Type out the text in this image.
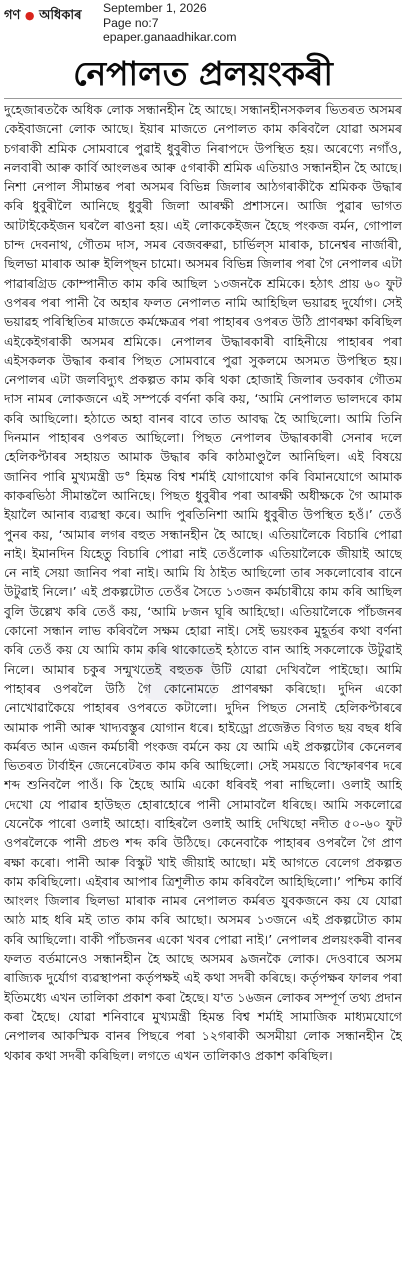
গণ ● অধিকাৰ September 1, 2026
Page no:7
epaper.ganaadhikar.com
নেপালত প্ৰলয়ংকৰী

দুহেজাৰতকৈ অধিক লোক সন্ধানহীন হৈ আছে। সন্ধানহীনসকলৰ ভিতৰত অসমৰ কেইবাজনো লোক আছে। ইয়াৰ মাজতে নেপালত কাম কৰিবলৈ যোৱা অসমৰ চগৰাকী শ্ৰমিক সোমবাৰে পুৱাই ধুবুৰীত নিৰাপদে উপস্থিত হয়। অৰেণ্যে নগাঁও, নলবাৰী আৰু কাৰ্বি আংলঙৰ আৰু ৫গৰাকী শ্ৰমিক এতিয়াও সন্ধানহীন হৈ আছে। নিশা নেপাল সীমান্তৰ পৰা অসমৰ বিভিন্ন জিলাৰ আঠগৰাকীকৈ শ্ৰমিকক উদ্ধাৰ কৰি ধুবুৰীলৈ আনিছে ধুবুৰী জিলা আৰক্ষী প্ৰশাসনে। আজি পুৱাৰ ভাগত আটাইকেইজন ঘৰলৈ ৰাওনা হয়। এই লোককেইজন হৈছে পংকজ বৰ্মন, গোপাল চান্দ দেবনাথ, গৌতম দাস, সমৰ বেজবৰুৱা, চাৰ্ভিল্স মাৰাক, চানেশ্বৰ নাৰ্জাৰী, ছিলভা মাৰাক আৰু ইলিপ্ছন চামো। অসমৰ বিভিন্ন জিলাৰ পৰা গৈ নেপালৰ এটা পাৱাৰগ্ৰিড কোম্পানীত কাম কৰি আছিল ১৩জনকৈ শ্ৰমিকে। হঠাৎ প্ৰায় ৬০ ফুট ওপৰৰ পৰা পানী বৈ অহাৰ ফলত নেপালত নামি আহিছিল ভয়াৱহ দুৰ্যোগ। সেই ভয়াৱহ পৰিস্থিতিৰ মাজতে কৰ্মক্ষেত্ৰৰ পৰা পাহাৰৰ ওপৰত উঠি প্ৰাণৰক্ষা কৰিছিল এইকেইগৰাকী অসমৰ শ্ৰমিকে। নেপালৰ উদ্ধাৰকাৰী বাহিনীয়ে পাহাৰৰ পৰা এইসকলক উদ্ধাৰ কৰাৰ পিছত সোমবাৰে পুৱা সুকলমে অসমত উপস্থিত হয়। নেপালৰ এটা জলবিদ্যুৎ প্ৰকল্পত কাম কৰি থকা হোজাই জিলাৰ ডবকাৰ গৌতম দাস নামৰ লোকজনে এই সম্পৰ্কে বৰ্ণনা কৰি কয়, ‘আমি নেপালত ভালদৰে কাম কৰি আছিলো। হঠাতে অহা বানৰ বাবে তাত আবদ্ধ হৈ আছিলো। আমি তিনি দিনমান পাহাৰৰ ওপৰত আছিলো। পিছত নেপালৰ উদ্ধাৰকাৰী সেনাৰ দলে হেলিকপ্টাৰৰ সহায়ত আমাক উদ্ধাৰ কৰি কাঠমাণ্ডুলৈ আনিছিল। এই বিষয়ে জানিব পাৰি মুখ্যমন্ত্ৰী ড° হিমন্ত বিশ্ব শৰ্মাই যোগাযোগ কৰি বিমানযোগে আমাক কাকৰভিঠা সীমান্তলৈ আনিছে। পিছত ধুবুৰীৰ পৰা আৰক্ষী অধীক্ষকে গৈ আমাক ইয়ালৈ আনাৰ ব্যৱস্থা কৰে। আদি পুৰতিনিশা আমি ধুবুৰীত উপস্থিত হওঁ।’ তেওঁ পুনৰ কয়, ‘আমাৰ লগৰ বহুত সন্ধানহীন হৈ আছে। এতিয়ালৈকে বিচাৰি পোৱা নাই। ইমানদিন যিহেতু বিচাৰি পোৱা নাই তেওঁলোক এতিয়ালৈকে জীয়াই আছে নে নাই সেয়া জানিব পৰা নাই। আমি যি ঠাইত আছিলো তাৰ সকলোবোৰ বানে উটুৱাই নিলে।’ এই প্ৰকল্পটোত তেওঁৰ সৈতে ১৩জন কৰ্মচাৰীয়ে কাম কৰি আছিল বুলি উল্লেখ কৰি তেওঁ কয়, ‘আমি ৮জন ঘূৰি আহিছো। এতিয়ালৈকে পাঁচজনৰ কোনো সন্ধান লাভ কৰিবলৈ সক্ষম হোৱা নাই। সেই ভয়ংকৰ মুহূৰ্তৰ কথা বৰ্ণনা কৰি তেওঁ কয় যে আমি কাম কৰি থাকোতেই হঠাতে বান আহি সকলোকে উটুৱাই নিলে। আমাৰ চকুৰ সন্মুখতেই বহুতক উটি যোৱা দেখিবলৈ পাইছো। আমি পাহাৰৰ ওপৰলৈ উঠি গৈ কোনোমতে প্ৰাণৰক্ষা কৰিছো। দুদিন একো নোখোৱাকৈয়ে পাহাৰৰ ওপৰতে কটালো। দুদিন পিছত সেনাই হেলিকপ্টাৰৰে আমাক পানী আৰু খাদ্যবস্তুৰ যোগান ধৰে। হাইড্ৰো প্ৰজেক্টত বিগত ছয় বছৰ ধৰি কৰ্মৰত আন এজন কৰ্মচাৰী পংকজ বৰ্মনে কয় যে আমি এই প্ৰকল্পটোৰ কেনেলৰ ভিতৰত টাৰ্বাইন জেনেৰেটৰত কাম কৰি আছিলো। সেই সময়তে বিস্ফোৰণৰ দৰে শব্দ শুনিবলৈ পাওঁ। কি হৈছে আমি একো ধৰিবই পৰা নাছিলো। ওলাই আহি দেখো যে পাৱাৰ হাউছত হোৰাহোৰে পানী সোমাবলৈ ধৰিছে। আমি সকলোৱে যেনেকৈ পাৰো ওলাই আহো। বাহিৰলৈ ওলাই আহি দেখিছো নদীত ৫০-৬০ ফুট ওপৰলৈকে পানী প্ৰচণ্ড শব্দ কৰি উঠিছে। কেনেবাকৈ পাহাৰৰ ওপৰলৈ গৈ প্ৰাণ ৰক্ষা কৰো। পানী আৰু বিস্কুট খাই জীয়াই আছো। মই আগতে বেলেগ প্ৰকল্পত কাম কৰিছিলো। এইবাৰ আপাৰ ত্ৰিশূলীত কাম কৰিবলৈ আহিছিলো।’ পশ্চিম কাৰ্বি আংলং জিলাৰ ছিলভা মাৰাক নামৰ নেপালত কৰ্মৰত যুবকজনে কয় যে যোৱা আঠ মাহ ধৰি মই তাত কাম কৰি আছো। অসমৰ ১৩জনে এই প্ৰকল্পটোত কাম কৰি আছিলো। বাকী পাঁচজনৰ একো খবৰ পোৱা নাই।’ নেপালৰ প্ৰলয়ংকৰী বানৰ ফলত বৰ্তমানেও সন্ধানহীন হৈ আছে অসমৰ ৯জনকৈ লোক। দেওবাৰে অসম ৰাজ্যিক দুৰ্যোগ ব্যৱস্থাপনা কৰ্তৃপক্ষই এই কথা সদৰী কৰিছে। কৰ্তৃপক্ষৰ ফালৰ পৰা ইতিমধ্যে এখন তালিকা প্ৰকাশ কৰা হৈছে। য'ত ১৬জন লোকৰ সম্পূৰ্ণ তথ্য প্ৰদান কৰা হৈছে। যোৱা শনিবাৰে মুখ্যমন্ত্ৰী হিমন্ত বিশ্ব শৰ্মাই সামাজিক মাধ্যমযোগে নেপালৰ আকস্মিক বানৰ পিছৰে পৰা ১২গৰাকী অসমীয়া লোক সন্ধানহীন হৈ থকাৰ কথা সদৰী কৰিছিল। লগতে এখন তালিকাও প্ৰকাশ কৰিছিল।
